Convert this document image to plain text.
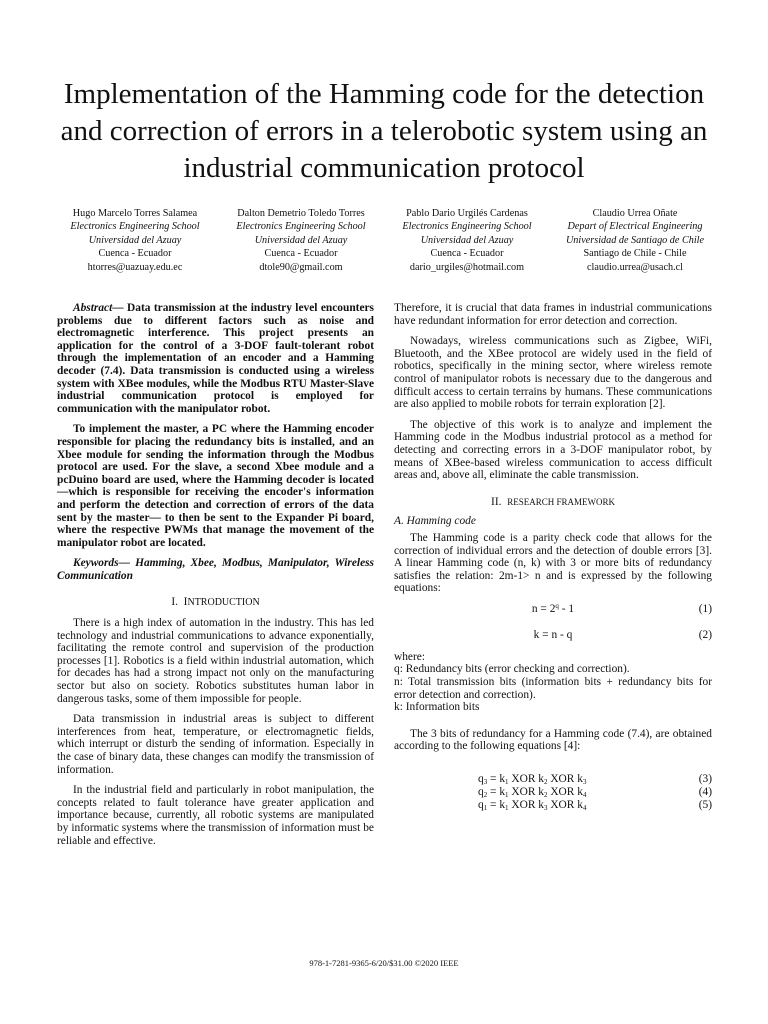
Implementation of the Hamming code for the detection and correction of errors in a telerobotic system using an industrial communication protocol
Hugo Marcelo Torres Salamea
Electronics Engineering School
Universidad del Azuay
Cuenca - Ecuador
htorres@uazuay.edu.ec
Dalton Demetrio Toledo Torres
Electronics Engineering School
Universidad del Azuay
Cuenca - Ecuador
dtole90@gmail.com
Pablo Dario Urgilés Cardenas
Electronics Engineering School
Universidad del Azuay
Cuenca - Ecuador
dario_urgiles@hotmail.com
Claudio Urrea Oñate
Depart of Electrical Engineering
Universidad de Santiago de Chile
Santiago de Chile - Chile
claudio.urrea@usach.cl

Abstract— Data transmission at the industry level encounters problems due to different factors such as noise and electromagnetic interference. This project presents an application for the control of a 3-DOF fault-tolerant robot through the implementation of an encoder and a Hamming decoder (7.4). Data transmission is conducted using a wireless system with XBee modules, while the Modbus RTU Master-Slave industrial communication protocol is employed for communication with the manipulator robot.

To implement the master, a PC where the Hamming encoder responsible for placing the redundancy bits is installed, and an Xbee module for sending the information through the Modbus protocol are used. For the slave, a second Xbee module and a pcDuino board are used, where the Hamming decoder is located —which is responsible for receiving the encoder's information and perform the detection and correction of errors of the data sent by the master— to then be sent to the Expander Pi board, where the respective PWMs that manage the movement of the manipulator robot are located.

Keywords— Hamming, Xbee, Modbus, Manipulator, Wireless Communication

I. INTRODUCTION

There is a high index of automation in the industry. This has led technology and industrial communications to advance exponentially, facilitating the remote control and supervision of the production processes [1]. Robotics is a field within industrial automation, which for decades has had a strong impact not only on the manufacturing sector but also on society. Robotics substitutes human labor in dangerous tasks, some of them impossible for people.

Data transmission in industrial areas is subject to different interferences from heat, temperature, or electromagnetic fields, which interrupt or disturb the sending of information. Especially in the case of binary data, these changes can modify the transmission of information.

In the industrial field and particularly in robot manipulation, the concepts related to fault tolerance have greater application and importance because, currently, all robotic systems are manipulated by informatic systems where the transmission of information must be reliable and effective.

Therefore, it is crucial that data frames in industrial communications have redundant information for error detection and correction.

Nowadays, wireless communications such as Zigbee, WiFi, Bluetooth, and the XBee protocol are widely used in the field of robotics, specifically in the mining sector, where wireless remote control of manipulator robots is necessary due to the dangerous and difficult access to certain terrains by humans. These communications are also applied to mobile robots for terrain exploration [2].

The objective of this work is to analyze and implement the Hamming code in the Modbus industrial protocol as a method for detecting and correcting errors in a 3-DOF manipulator robot, by means of XBee-based wireless communication to access difficult areas and, above all, eliminate the cable transmission.

II. RESEARCH FRAMEWORK
A. Hamming code

The Hamming code is a parity check code that allows for the correction of individual errors and the detection of double errors [3]. A linear Hamming code (n, k) with 3 or more bits of redundancy satisfies the relation: 2m-1> n and is expressed by the following equations:

$n = 2^q - 1$	(1)
k = n - q	(2)
where:
q: Redundancy bits (error checking and correction).
n: Total transmission bits (information bits + redundancy bits for error detection and correction).
k: Information bits

The 3 bits of redundancy for a Hamming code (7.4), are obtained according to the following equations [4]:

$q_3 = k_1$ XOR $k_2$ XOR $k_3$	(3)
$q_2 = k_1$ XOR $k_2$ XOR $k_4$	(4)
$q_1 = k_1$ XOR $k_3$ XOR $k_4$	(5)
978-1-7281-9365-6/20/$31.00 ©2020 IEEE
